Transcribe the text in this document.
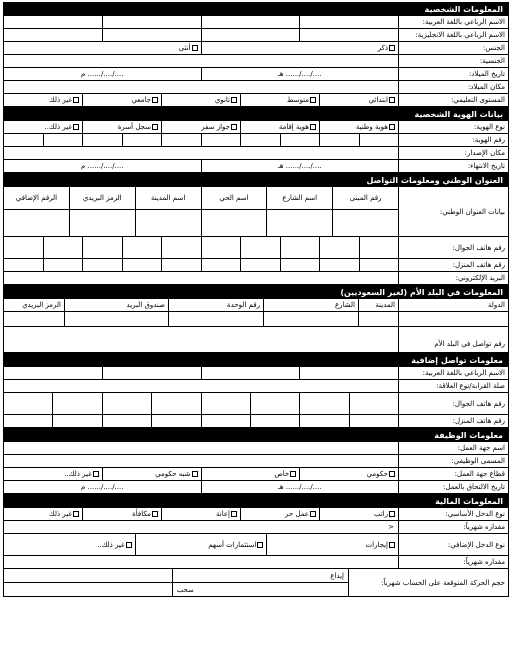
المعلومات الشخصية
الاسم الرباعي باللغة العربية:
الاسم الرباعي باللغة الانجليزية:
الجنس:
ذكر
أنثى
الجنسية:
تاريخ الميلاد:
..../..../...... هـ
..../..../...... م
مكان الميلاد:
المستوى التعليمي:
ابتدائي
متوسط
ثانوي
جامعي
غير ذلك
بيانات الهوية الشخصية
نوع الهوية:
هوية وطنية
هوية إقامة
جواز سفر
سجل أسرة
غير ذلك..
رقم الهوية:
مكان الإصدار:
تاريخ الانتهاء:
..../..../...... هـ
..../..../...... م
العنوان الوطني ومعلومات التواصل
بيانات العنوان الوطني:
رقم المبنى
اسم الشارع
اسم الحي
اسم المدينة
الرمز البريدي
الرقم الإضافي
رقم هاتف الجوال:
رقم هاتف المنزل:
البريد الإلكتروني:
المعلومات في البلد الأم (لغير السعوديين)
الدولة
المدينة
الشارع
رقم الوحدة
صندوق البريد
الرمز البريدي
رقم تواصل في البلد الأم
معلومات تواصل إضافية
الاسم الرباعي باللغة العربية:
صلة القرابة/نوع العلاقة:
رقم هاتف الجوال:
رقم هاتف المنزل:
معلومات الوظيفة
اسم جهة العمل:
المسمى الوظيفي:
قطاع جهة العمل:
حكومي
خاص
شبه حكومي
غير ذلك..
تاريخ الالتحاق بالعمل:
..../..../...... هـ
..../..../...... م
المعلومات المالية
نوع الدخل الأساسي:
راتب
عمل حر
إعانة
مكافأة
غير ذلك
مقداره شهرياً:
<
نوع الدخل الإضافي:
إيجارات
استثمارات أسهم
غير ذلك..
مقداره شهرياً:
حجم الحركة المتوقعة على الحساب شهرياً:
إيداع
سحب
